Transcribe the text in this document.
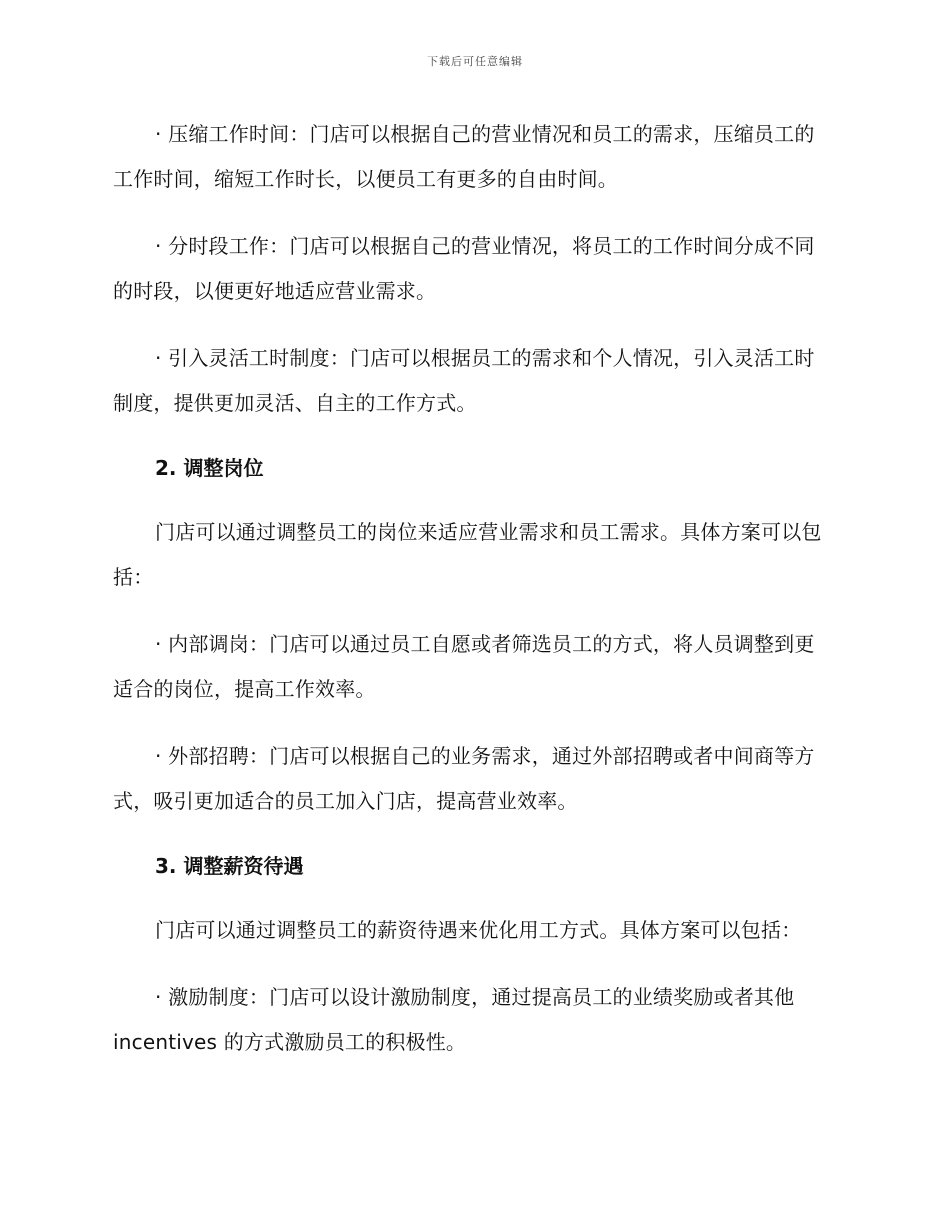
下载后可任意编辑

· 压缩工作时间：门店可以根据自己的营业情况和员工的需求，压缩员工的工作时间，缩短工作时长，以便员工有更多的自由时间。

· 分时段工作：门店可以根据自己的营业情况，将员工的工作时间分成不同的时段，以便更好地适应营业需求。

· 引入灵活工时制度：门店可以根据员工的需求和个人情况，引入灵活工时制度，提供更加灵活、自主的工作方式。

2. 调整岗位

门店可以通过调整员工的岗位来适应营业需求和员工需求。具体方案可以包括：

· 内部调岗：门店可以通过员工自愿或者筛选员工的方式，将人员调整到更适合的岗位，提高工作效率。

· 外部招聘：门店可以根据自己的业务需求，通过外部招聘或者中间商等方式，吸引更加适合的员工加入门店，提高营业效率。

3. 调整薪资待遇

门店可以通过调整员工的薪资待遇来优化用工方式。具体方案可以包括：

· 激励制度：门店可以设计激励制度，通过提高员工的业绩奖励或者其他 incentives 的方式激励员工的积极性。
